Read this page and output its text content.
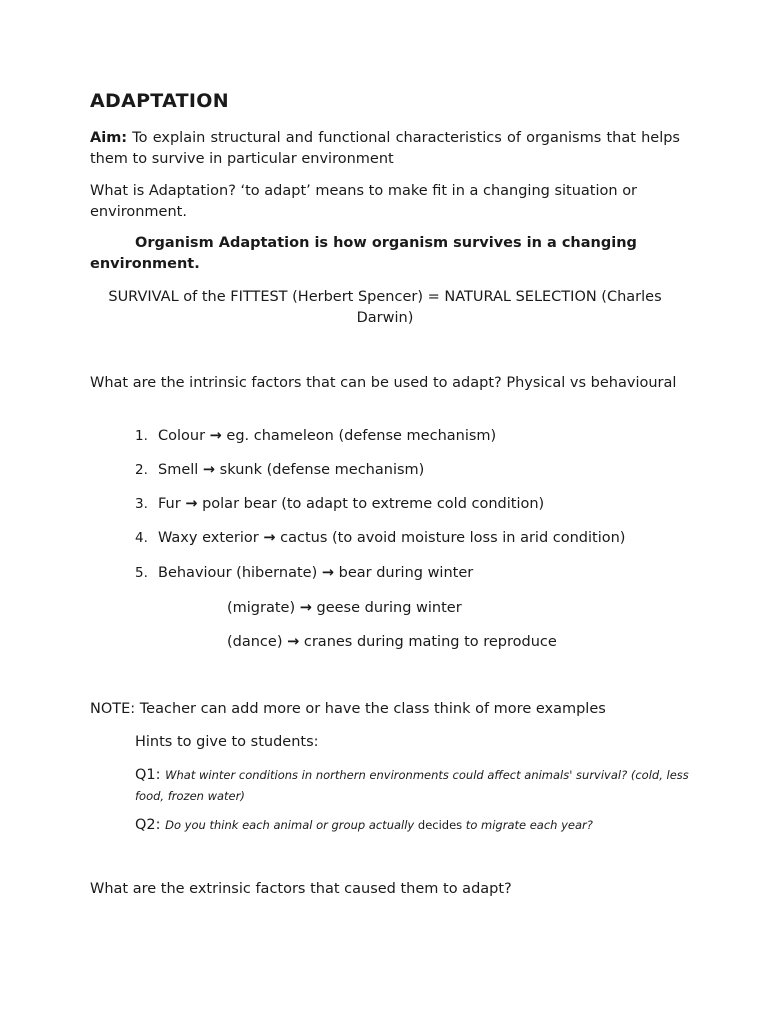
ADAPTATION

Aim: To explain structural and functional characteristics of organisms that helps them to survive in particular environment

What is Adaptation? ‘to adapt’ means to make fit in a changing situation or environment.

Organism Adaptation is how organism survives in a changing environment.

SURVIVAL of the FITTEST (Herbert Spencer) = NATURAL SELECTION (Charles Darwin)

What are the intrinsic factors that can be used to adapt? Physical vs behavioural

1. Colour → eg. chameleon (defense mechanism)
2. Smell → skunk (defense mechanism)
3. Fur → polar bear (to adapt to extreme cold condition)
4. Waxy exterior → cactus (to avoid moisture loss in arid condition)
5. Behaviour (hibernate) → bear during winter
(migrate) → geese during winter
(dance) → cranes during mating to reproduce

NOTE: Teacher can add more or have the class think of more examples

Hints to give to students:
Q1: What winter conditions in northern environments could affect animals' survival? (cold, less food, frozen water)
Q2: Do you think each animal or group actually decides to migrate each year?

What are the extrinsic factors that caused them to adapt?
